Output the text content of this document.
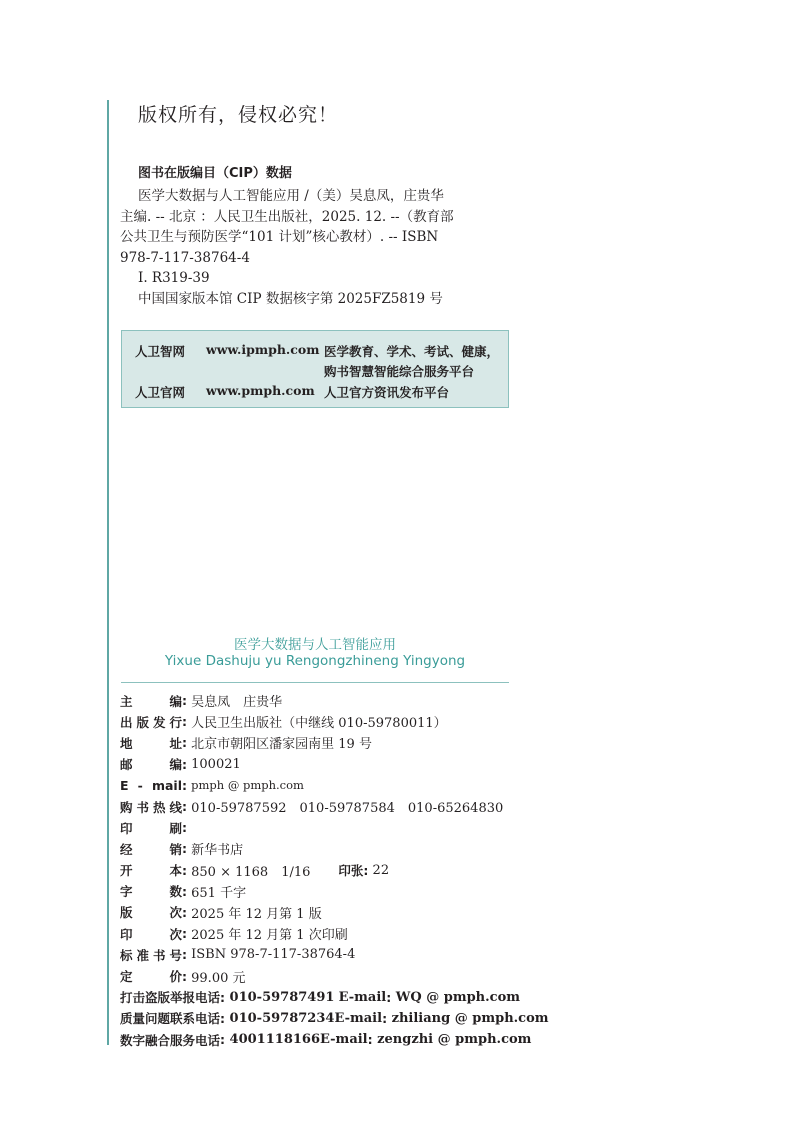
版权所有，侵权必究！
图书在版编目（CIP）数据
医学大数据与人工智能应用 /（美）吴息凤，庄贵华
主编. -- 北京 ：人民卫生出版社，2025. 12. --（教育部
公共卫生与预防医学“101 计划”核心教材）. -- ISBN
978-7-117-38764-4
Ⅰ. R319-39
中国国家版本馆 CIP 数据核字第 2025FZ5819 号
人卫智网 www.ipmph.com 医学教育、学术、考试、健康，
购书智慧智能综合服务平台
人卫官网 www.pmph.com 人卫官方资讯发布平台
医学大数据与人工智能应用
Yixue Dashuju yu Rengongzhineng Yingyong
主　编 :
吴息凤　庄贵华
出版发行 :
人民卫生出版社（中继线 010-59780011）
地　址 :
北京市朝阳区潘家园南里 19 号
邮　编 :
100021
E - mail :
pmph @ pmph.com
购书热线 :
010-59787592　010-59787584　010-65264830
印　刷 :

经　销 :
新华书店
开　本 :
850 × 1168　1/16 印张 :
22
字　数 :
651 千字
版　次 :
2025 年 12 月第 1 版
印　次 :
2025 年 12 月第 1 次印刷
标准书号 :
ISBN 978-7-117-38764-4
定　价 :
99.00 元
打击盗版举报电话 :
010-59787491 E-mail :
WQ @ pmph.com
质量问题联系电话 :
010-59787234 E-mail :
zhiliang @ pmph.com
数字融合服务电话 :
4001118166 E-mail :
zengzhi @ pmph.com
